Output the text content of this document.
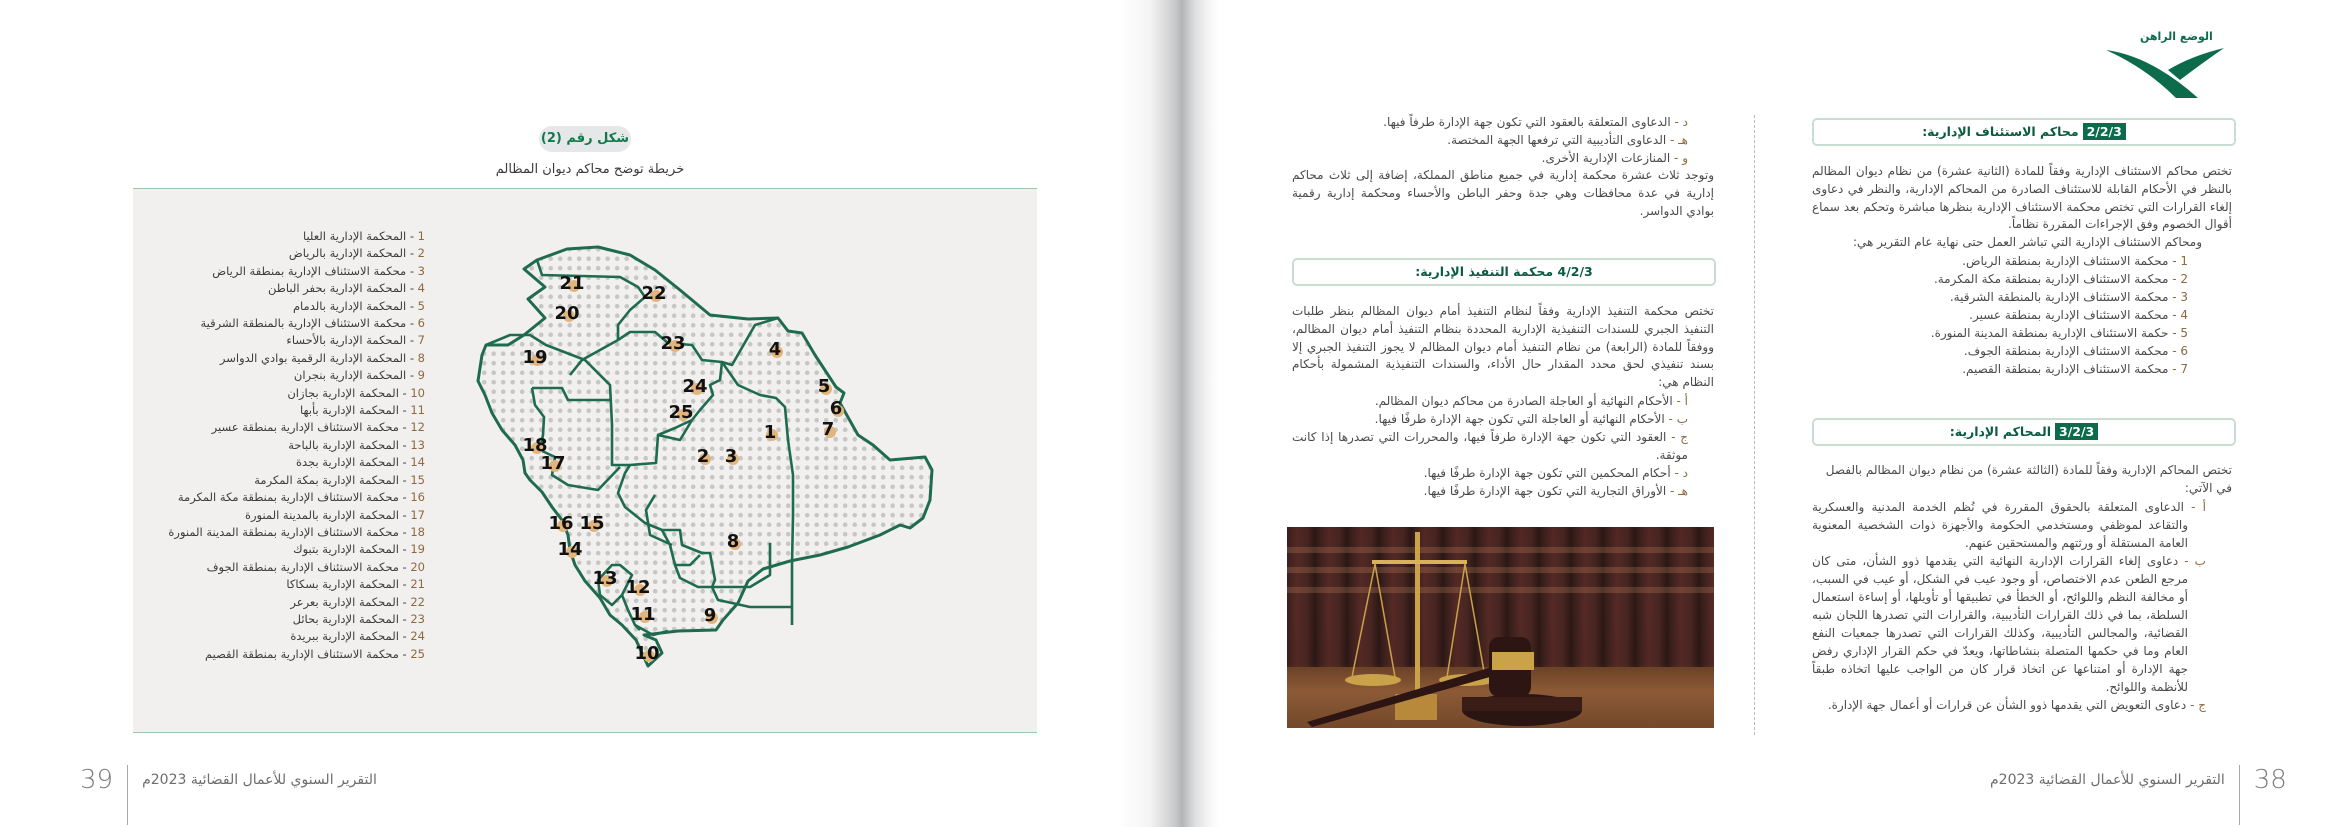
شكل رقم (2)
خريطة توضح محاكم ديوان المظالم
1 - المحكمة الإدارية العليا
2 - المحكمة الإدارية بالرياض
3 - محكمة الاستئناف الإدارية بمنطقة الرياض
4 - المحكمة الإدارية بحفر الباطن
5 - المحكمة الإدارية بالدمام
6 - محكمة الاستئناف الإدارية بالمنطقة الشرقية
7 - المحكمة الإدارية بالأحساء
8 - المحكمة الإدارية الرقمية بوادي الدواسر
9 - المحكمة الإدارية بنجران
10 - المحكمة الإدارية بجازان
11 - المحكمة الإدارية بأبها
12 - محكمة الاستئناف الإدارية بمنطقة عسير
13 - المحكمة الإدارية بالباحة
14 - المحكمة الإدارية بجدة
15 - المحكمة الإدارية بمكة المكرمة
16 - محكمة الاستئناف الإدارية بمنطقة مكة المكرمة
17 - المحكمة الإدارية بالمدينة المنورة
18 - محكمة الاستئناف الإدارية بمنطقة المدينة المنورة
19 - المحكمة الإدارية بتبوك
20 - محكمة الاستئناف الإدارية بمنطقة الجوف
21 - المحكمة الإدارية بسكاكا
22 - المحكمة الإدارية بعرعر
23 - المحكمة الإدارية بحائل
24 - المحكمة الإدارية ببريدة
25 - محكمة الاستئناف الإدارية بمنطقة القصيم
1
2 3
4
5
6
7
8
9
10
11
12
13
14
15
16
17
18
19
20
21	22
23
24
25
39 التقرير السنوي للأعمال القضائية 2023م
الوضع الراهن
2/2/3محاكم الاستئناف الإدارية:
تختص محاكم الاستئناف الإدارية وفقاً للمادة (الثانية عشرة) من نظام ديوان المظالم بالنظر في الأحكام القابلة للاستئناف الصادرة من المحاكم الإدارية، والنظر في دعاوى إلغاء القرارات التي تختص محكمة الاستئناف الإدارية بنظرها مباشرة وتحكم بعد سماع أقوال الخصوم وفق الإجراءات المقررة نظاماً.
ومحاكم الاستئناف الإدارية التي تباشر العمل حتى نهاية عام التقرير هي:
1 - محكمة الاستئناف الإدارية بمنطقة الرياض.
2 - محكمة الاستئناف الإدارية بمنطقة مكة المكرمة.
3 - محكمة الاستئناف الإدارية بالمنطقة الشرقية.
4 - محكمة الاستئناف الإدارية بمنطقة عسير.
5 - حكمة الاستئناف الإدارية بمنطقة المدينة المنورة.
6 - محكمة الاستئناف الإدارية بمنطقة الجوف.
7 - محكمة الاستئناف الإدارية بمنطقة القصيم.
3/2/3المحاكم الإدارية:
تختص المحاكم الإدارية وفقاً للمادة (الثالثة عشرة) من نظام ديوان المظالم بالفصل في الآتي:
أ - الدعاوى المتعلقة بالحقوق المقررة في نُظم الخدمة المدنية والعسكرية والتقاعد لموظفي ومستخدمي الحكومة والأجهزة ذوات الشخصية المعنوية العامة المستقلة أو ورثتهم والمستحقين عنهم.
ب - دعاوى إلغاء القرارات الإدارية النهائية التي يقدمها ذوو الشأن، متى كان مرجع الطعن عدم الاختصاص، أو وجود عيب في الشكل، أو عيب في السبب، أو مخالفة النظم واللوائح، أو الخطأ في تطبيقها أو تأويلها، أو إساءة استعمال السلطة، بما في ذلك القرارات التأديبية، والقرارات التي تصدرها اللجان شبه القضائية، والمجالس التأديبية، وكذلك القرارات التي تصدرها جمعيات النفع العام وما في حكمها المتصلة بنشاطاتها، ويعدّ في حكم القرار الإداري رفض جهة الإدارة أو امتناعها عن اتخاذ قرار كان من الواجب عليها اتخاذه طبقاً للأنظمة واللوائح.
ج - دعاوى التعويض التي يقدمها ذوو الشأن عن قرارات أو أعمال جهة الإدارة.
د - الدعاوى المتعلقة بالعقود التي تكون جهة الإدارة طرفاً فيها.
هـ - الدعاوى التأديبية التي ترفعها الجهة المختصة.
و - المنازعات الإدارية الأخرى.
وتوجد ثلاث عشرة محكمة إدارية في جميع مناطق المملكة، إضافة إلى ثلاث محاكم إدارية في عدة محافظات وهي جدة وحفر الباطن والأحساء ومحكمة إدارية رقمية بوادي الدواسر.
4/2/3 محكمة التنفيذ الإدارية:
تختص محكمة التنفيذ الإدارية وفقاً لنظام التنفيذ أمام ديوان المظالم بنظر طلبات التنفيذ الجبري للسندات التنفيذية الإدارية المحددة بنظام التنفيذ أمام ديوان المظالم، ووفقاً للمادة (الرابعة) من نظام التنفيذ أمام ديوان المظالم لا يجوز التنفيذ الجبري إلا بسند تنفيذي لحق محدد المقدار حال الأداء، والسندات التنفيذية المشمولة بأحكام النظام هي:
أ - الأحكام النهائية أو العاجلة الصادرة من محاكم ديوان المظالم.
ب - الأحكام النهائية أو العاجلة التي تكون جهة الإدارة طرفًا فيها.
ج - العقود التي تكون جهة الإدارة طرفاً فيها، والمحررات التي تصدرها إذا كانت موثقة.
د - أحكام المحكمين التي تكون جهة الإدارة طرفًا فيها.
هـ - الأوراق التجارية التي تكون جهة الإدارة طرفًا فيها.
38
التقرير السنوي للأعمال القضائية 2023م
